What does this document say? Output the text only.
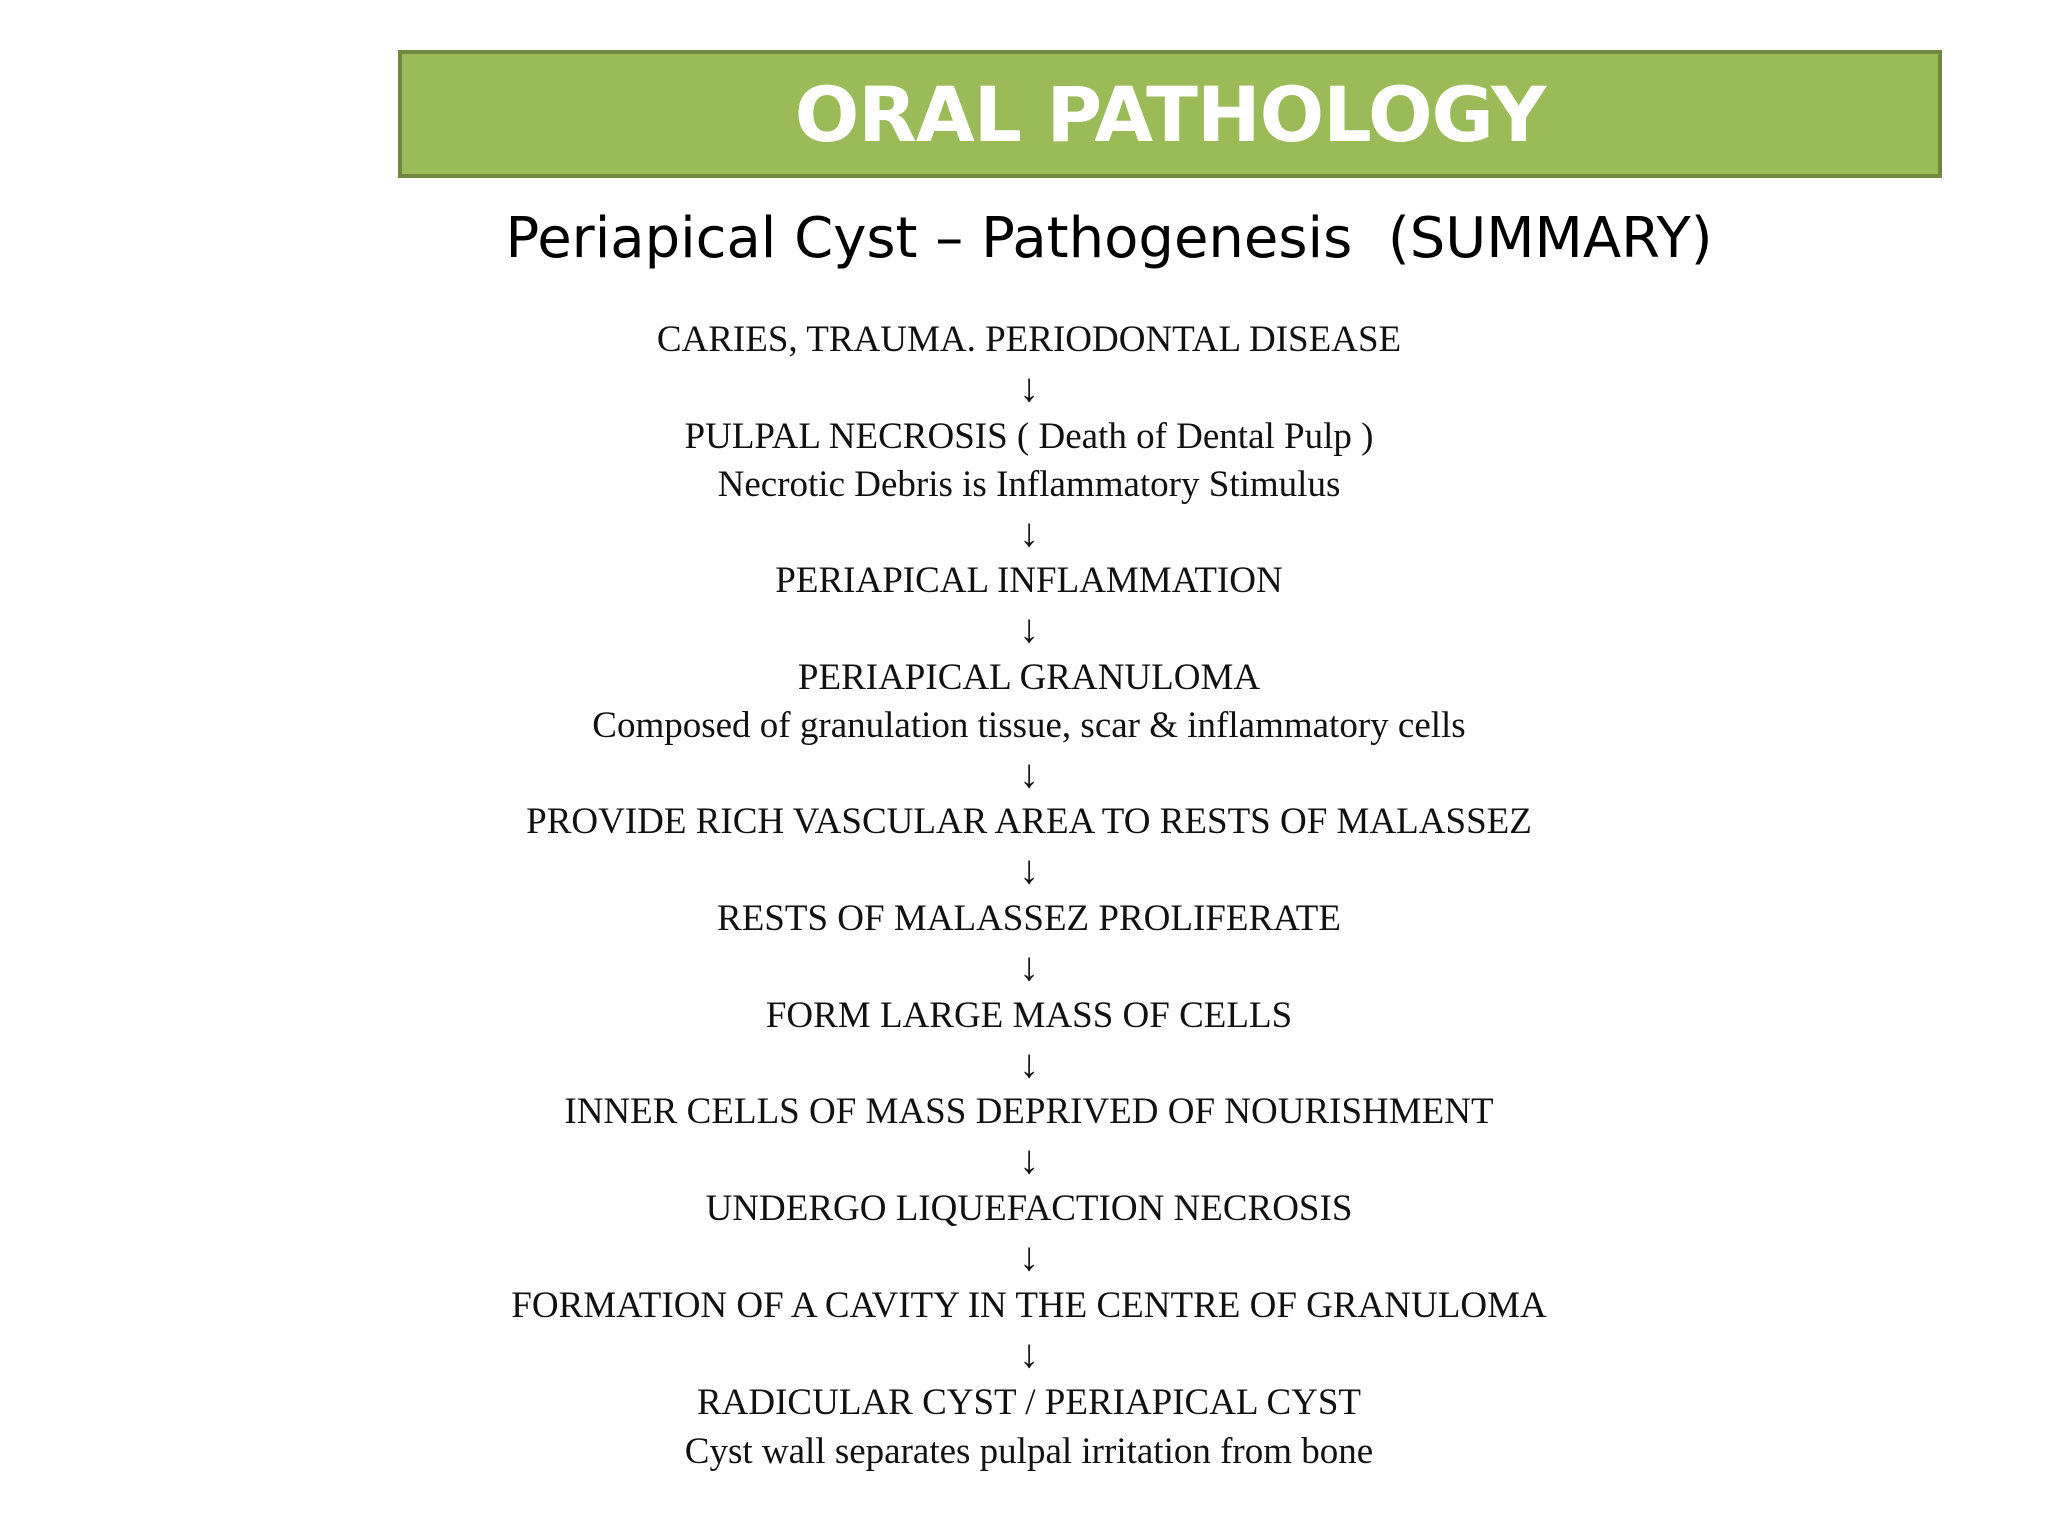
ORAL PATHOLOGY
Periapical Cyst – Pathogenesis  (SUMMARY)
CARIES, TRAUMA. PERIODONTAL DISEASE
↓
PULPAL NECROSIS ( Death of Dental Pulp )
Necrotic Debris is Inflammatory Stimulus
↓
PERIAPICAL INFLAMMATION
↓
PERIAPICAL GRANULOMA
Composed of granulation tissue, scar & inflammatory cells
↓
PROVIDE RICH VASCULAR AREA TO RESTS OF MALASSEZ
↓
RESTS OF MALASSEZ PROLIFERATE
↓
FORM LARGE MASS OF CELLS
↓
INNER CELLS OF MASS DEPRIVED OF NOURISHMENT
↓
UNDERGO LIQUEFACTION NECROSIS
↓
FORMATION OF A CAVITY IN THE CENTRE OF GRANULOMA
↓
RADICULAR CYST / PERIAPICAL CYST
Cyst wall separates pulpal irritation from bone
